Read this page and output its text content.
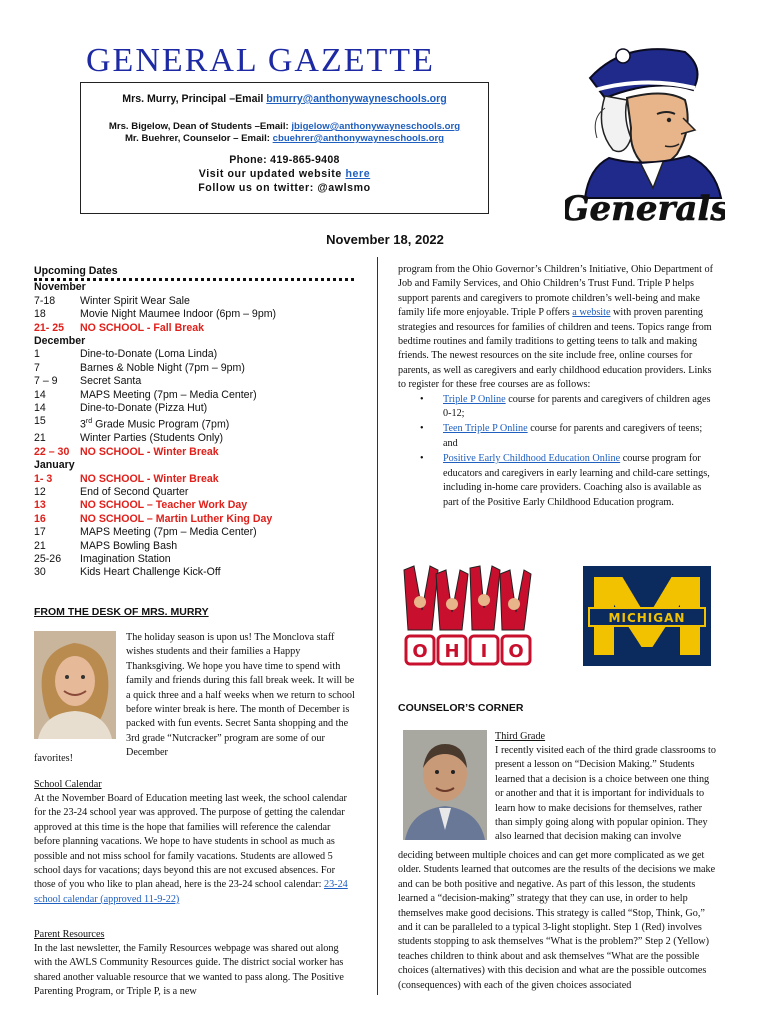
GENERAL GAZETTE
Mrs. Murry, Principal –Email bmurry@anthonywayneschools.org
Mrs. Bigelow, Dean of Students –Email: jbigelow@anthonywayneschools.org
Mr. Buehrer, Counselor – Email: cbuehrer@anthonywayneschools.org
Phone: 419-865-9408
Visit our updated website here
Follow us on twitter: @awlsmo
Generals
November 18, 2022
Upcoming Dates
November
7-18	Winter Spirit Wear Sale
18	Movie Night Maumee Indoor (6pm – 9pm)
21- 25	NO SCHOOL - Fall Break
December
1	Dine-to-Donate (Loma Linda)
7	Barnes & Noble Night (7pm – 9pm)
7 – 9	Secret Santa
14	MAPS Meeting (7pm – Media Center)
14	Dine-to-Donate (Pizza Hut)
15	3rd Grade Music Program (7pm)
21	Winter Parties (Students Only)
22 – 30	NO SCHOOL - Winter Break
January
1- 3	NO SCHOOL - Winter Break
12	End of Second Quarter
13	NO SCHOOL – Teacher Work Day
16	NO SCHOOL – Martin Luther King Day
17	MAPS Meeting (7pm – Media Center)
21	MAPS Bowling Bash
25-26	Imagination Station
30	Kids Heart Challenge Kick-Off
FROM THE DESK OF MRS. MURRY
The holiday season is upon us! The Monclova staff wishes students and their families a Happy Thanksgiving. We hope you have time to spend with family and friends during this fall break week. It will be a quick three and a half weeks when we return to school before winter break is here. The month of December is packed with fun events. Secret Santa shopping and the 3rd grade “Nutcracker” program are some of our December
favorites!
School Calendar
At the November Board of Education meeting last week, the school calendar for the 23-24 school year was approved. The purpose of getting the calendar approved at this time is the hope that families will reference the calendar before planning vacations. We hope to have students in school as much as possible and not miss school for family vacations. Students are allowed 5 school days for vacations; days beyond this are not excused absences. For those of you who like to plan ahead, here is the 23-24 school calendar: 23-24 school calendar (approved 11-9-22)
Parent Resources
In the last newsletter, the Family Resources webpage was shared out along with the AWLS Community Resources guide. The district social worker has shared another valuable resource that we wanted to pass along. The Positive Parenting Program, or Triple P, is a new
program from the Ohio Governor’s Children’s Initiative, Ohio Department of Job and Family Services, and Ohio Children’s Trust Fund. Triple P helps support parents and caregivers to promote children’s well-being and make family life more enjoyable. Triple P offers a website with proven parenting strategies and resources for families of children and teens. Topics range from bedtime routines and family traditions to getting teens to talk and making friends. The newest resources on the site include free, online courses for parents, as well as caregivers and early childhood education providers. Links to register for these free courses are as follows:
• Triple P Online course for parents and caregivers of children ages 0-12;
• Teen Triple P Online course for parents and caregivers of teens; and
• Positive Early Childhood Education Online course program for educators and caregivers in early learning and child-care settings, including in-home care providers. Coaching also is available as part of the Positive Early Childhood Education program.
O H I O
MICHIGAN
COUNSELOR’S CORNER
Third Grade
I recently visited each of the third grade classrooms to present a lesson on “Decision Making.” Students learned that a decision is a choice between one thing or another and that it is important for individuals to learn how to make decisions for themselves, rather than simply going along with popular opinion. They also learned that decision making can involve
deciding between multiple choices and can get more complicated as we get older. Students learned that outcomes are the results of the decisions we make and can be both positive and negative. As part of this lesson, the students learned a “decision-making” strategy that they can use, in order to help themselves make good decisions. This strategy is called “Stop, Think, Go,” and it can be paralleled to a typical 3-light stoplight. Step 1 (Red) involves students stopping to ask themselves “What is the problem?” Step 2 (Yellow) teaches children to think about and ask themselves “What are the possible choices (alternatives) with this decision and what are the possible outcomes (consequences) with each of the given choices associated
